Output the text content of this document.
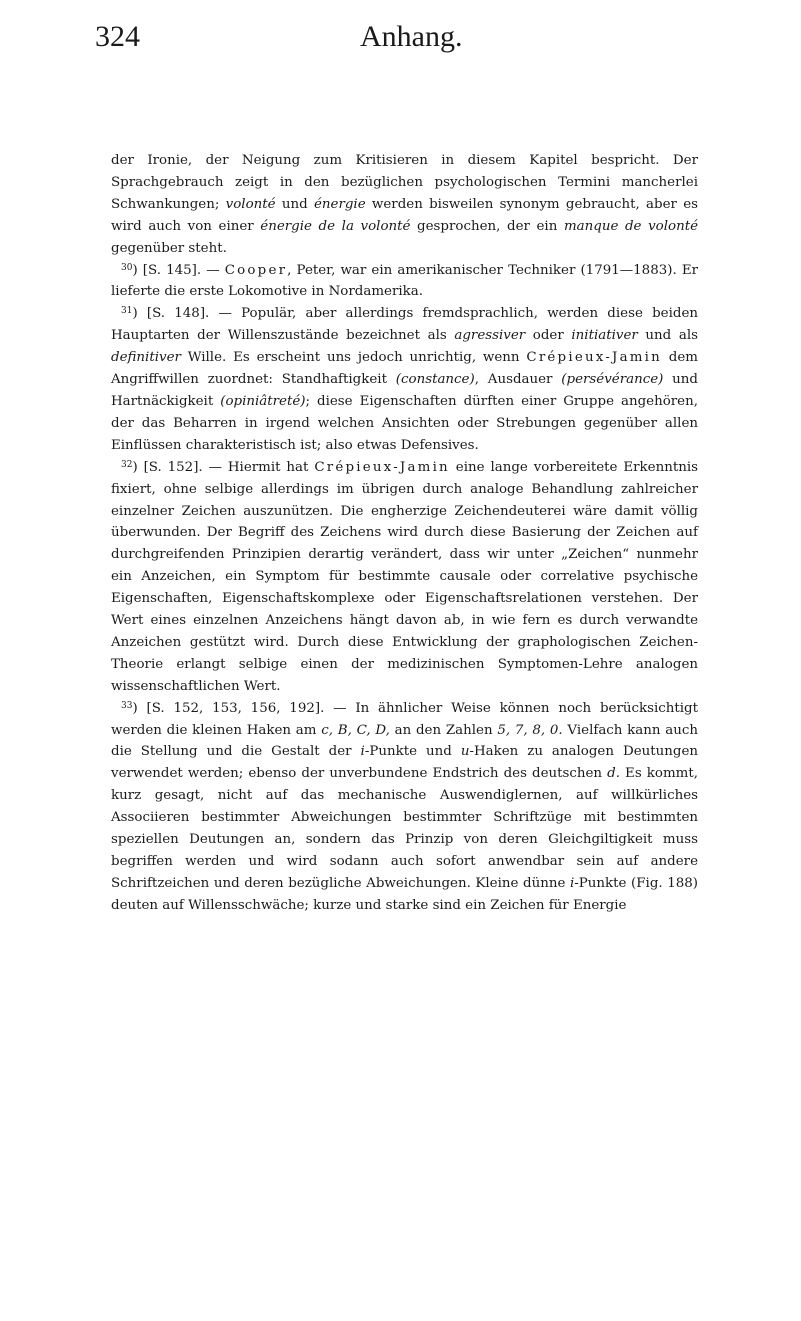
324	Anhang.

der Ironie, der Neigung zum Kritisieren in diesem Kapitel bespricht. Der Sprachgebrauch zeigt in den bezüglichen psychologischen Termini mancherlei Schwankungen; volonté und énergie werden bisweilen synonym gebraucht, aber es wird auch von einer énergie de la volonté gesprochen, der ein manque de volonté gegenüber steht.

$^{30}$) [S. 145]. — Cooper, Peter, war ein amerikanischer Techniker (1791—1883). Er lieferte die erste Lokomotive in Nordamerika.

$^{31}$) [S. 148]. — Populär, aber allerdings fremdsprachlich, werden diese beiden Hauptarten der Willenszustände bezeichnet als agressiver oder initiativer und als definitiver Wille. Es erscheint uns jedoch unrichtig, wenn Crépieux-Jamin dem Angriffwillen zuordnet: Standhaftigkeit (constance), Ausdauer (persévérance) und Hartnäckigkeit (opiniâtreté); diese Eigenschaften dürften einer Gruppe angehören, der das Beharren in irgend welchen Ansichten oder Strebungen gegenüber allen Einflüssen charakteristisch ist; also etwas Defensives.

$^{32}$) [S. 152]. — Hiermit hat Crépieux-Jamin eine lange vorbereitete Erkenntnis fixiert, ohne selbige allerdings im übrigen durch analoge Behandlung zahlreicher einzelner Zeichen auszunützen. Die engherzige Zeichendeuterei wäre damit völlig überwunden. Der Begriff des Zeichens wird durch diese Basierung der Zeichen auf durchgreifenden Prinzipien derartig verändert, dass wir unter „Zeichen“ nunmehr ein Anzeichen, ein Symptom für bestimmte causale oder correlative psychische Eigenschaften, Eigenschaftskomplexe oder Eigenschaftsrelationen verstehen. Der Wert eines einzelnen Anzeichens hängt davon ab, in wie fern es durch verwandte Anzeichen gestützt wird. Durch diese Entwicklung der graphologischen Zeichen-Theorie erlangt selbige einen der medizinischen Symptomen-Lehre analogen wissenschaftlichen Wert.

$^{33}$) [S. 152, 153, 156, 192]. — In ähnlicher Weise können noch berücksichtigt werden die kleinen Haken am c, B, C, D, an den Zahlen 5, 7, 8, 0. Vielfach kann auch die Stellung und die Gestalt der i-Punkte und u-Haken zu analogen Deutungen verwendet werden; ebenso der unverbundene Endstrich des deutschen d. Es kommt, kurz gesagt, nicht auf das mechanische Auswendiglernen, auf willkürliches Associieren bestimmter Abweichungen bestimmter Schriftzüge mit bestimmten speziellen Deutungen an, sondern das Prinzip von deren Gleichgiltigkeit muss begriffen werden und wird sodann auch sofort anwendbar sein auf andere Schriftzeichen und deren bezügliche Abweichungen. Kleine dünne i-Punkte (Fig. 188) deuten auf Willensschwäche; kurze und starke sind ein Zeichen für Energie
